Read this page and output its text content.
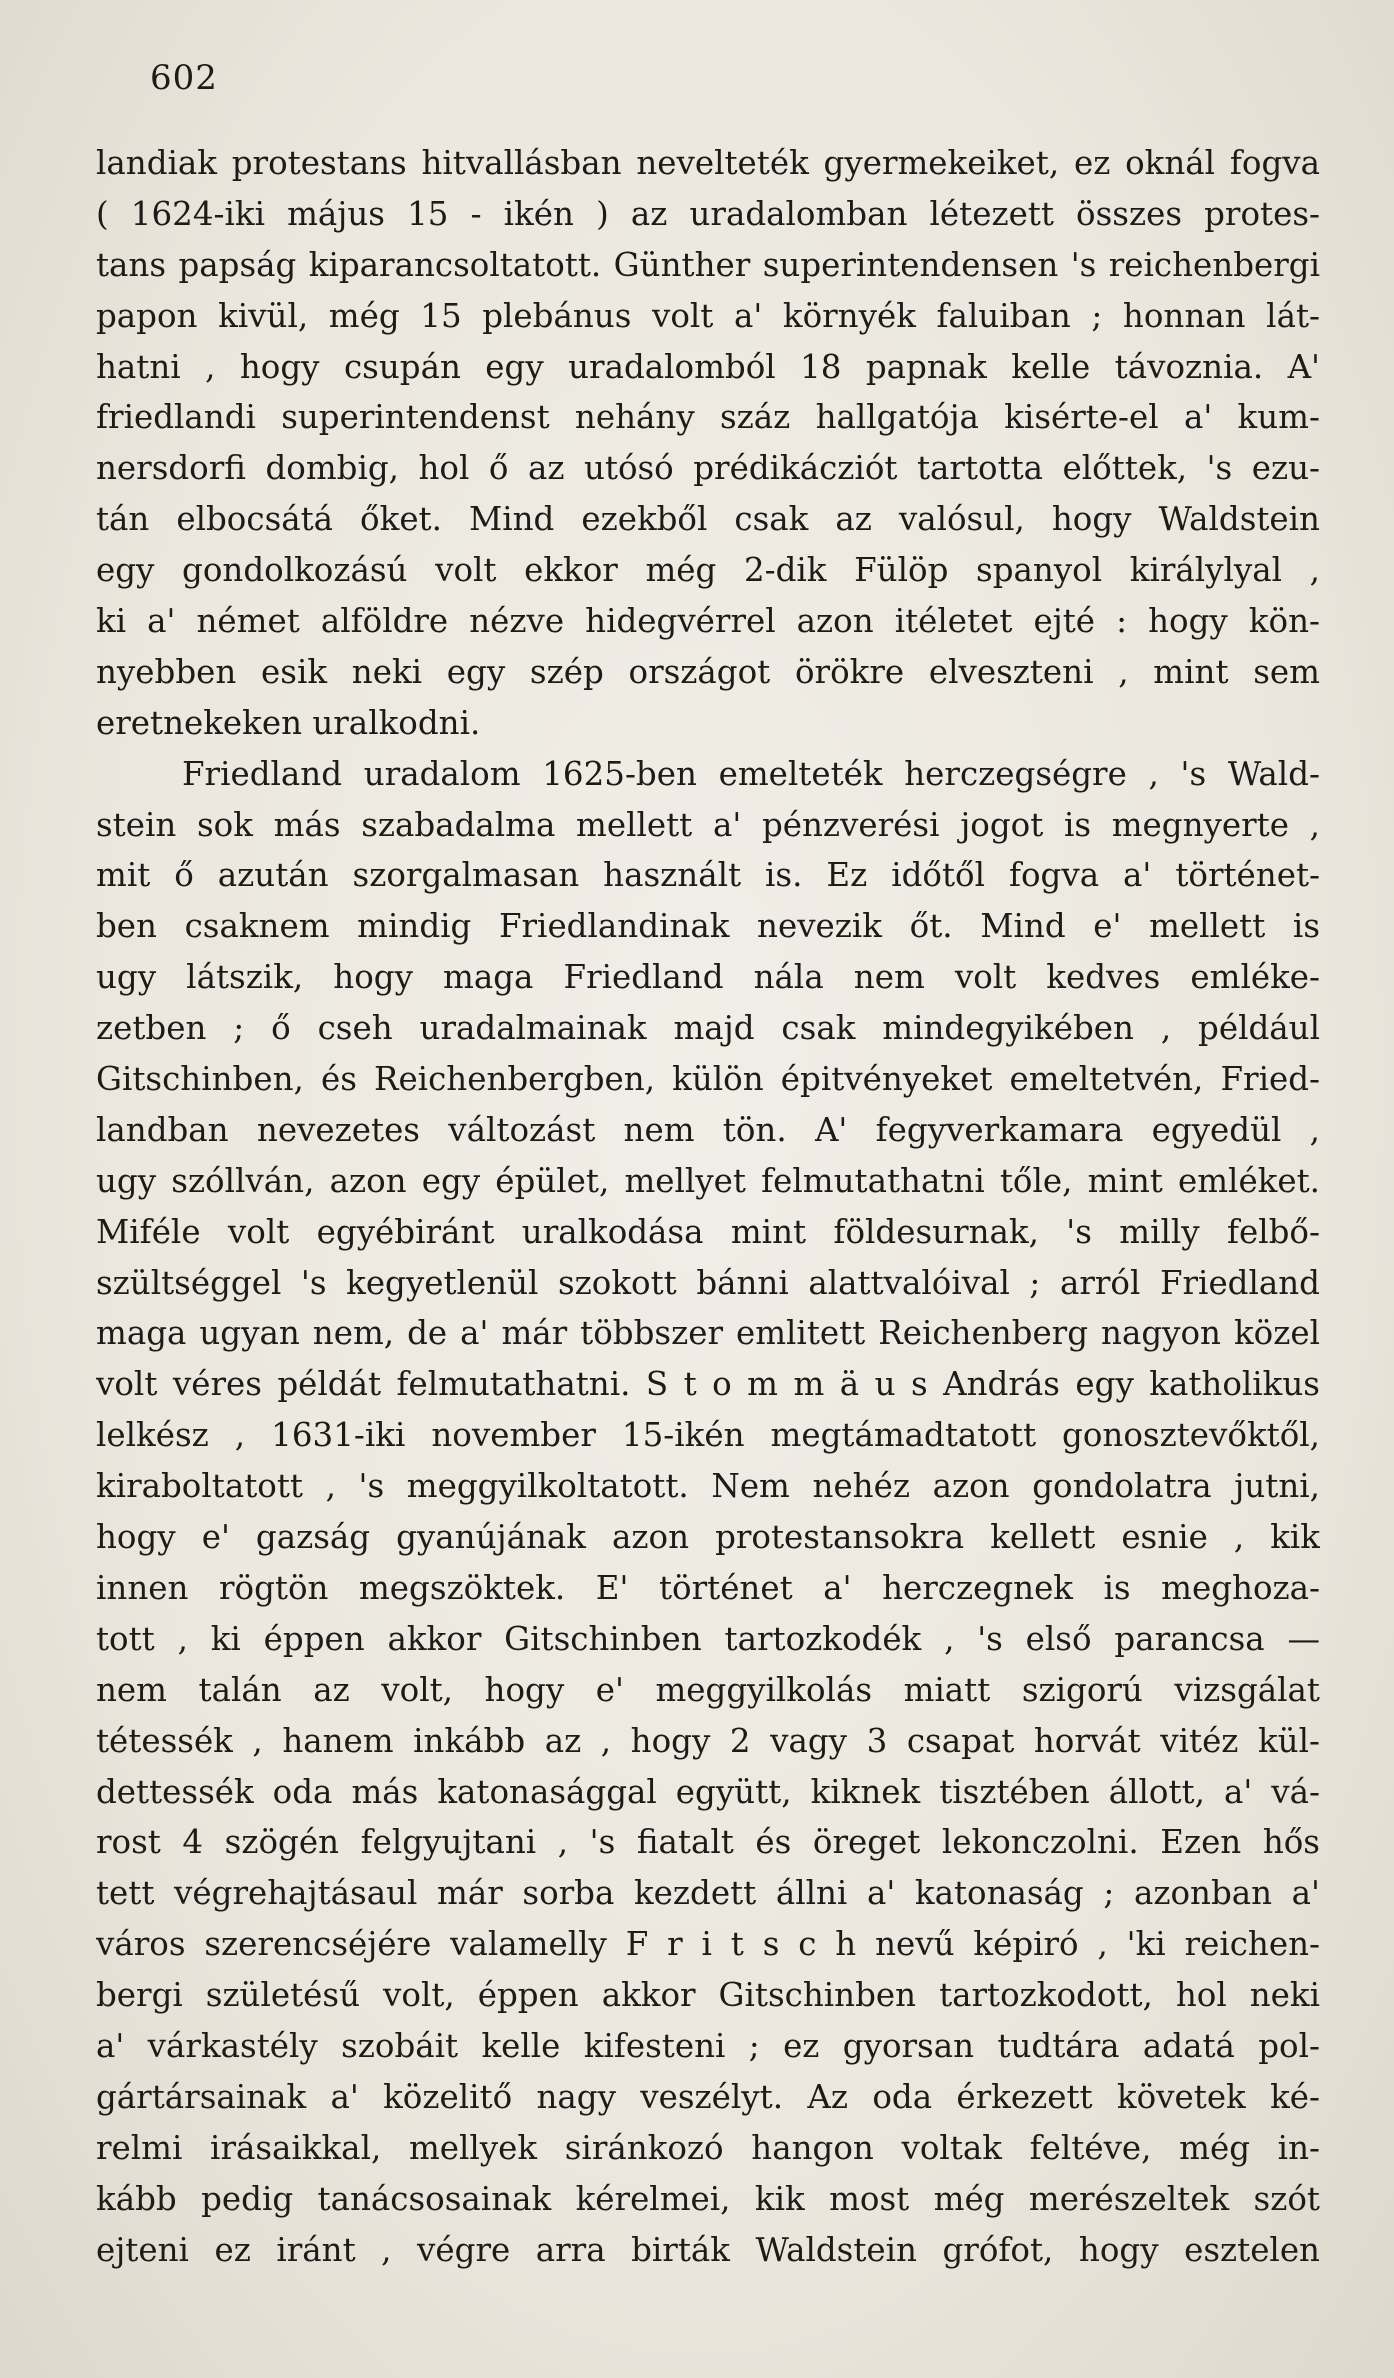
602
landiak protestans hitvallásban nevelteték gyermekeiket, ez oknál fogva
( 1624-iki május 15 - ikén ) az uradalomban létezett összes protes-
tans papság kiparancsoltatott. Günther superintendensen 's reichenbergi
papon kivül, még 15 plebánus volt a' környék faluiban ; honnan lát-
hatni , hogy csupán egy uradalomból 18 papnak kelle távoznia. A'
friedlandi superintendenst nehány száz hallgatója kisérte-el a' kum-
nersdorfi dombig, hol ő az utósó prédikácziót tartotta előttek, 's ezu-
tán elbocsátá őket. Mind ezekből csak az valósul, hogy Waldstein
egy gondolkozású volt ekkor még 2-dik Fülöp spanyol királylyal ,
ki a' német alföldre nézve hidegvérrel azon itéletet ejté : hogy kön-
nyebben esik neki egy szép országot örökre elveszteni , mint sem
eretnekeken uralkodni.
Friedland uradalom 1625-ben emelteték herczegségre , 's Wald-
stein sok más szabadalma mellett a' pénzverési jogot is megnyerte ,
mit ő azután szorgalmasan használt is. Ez időtől fogva a' történet-
ben csaknem mindig Friedlandinak nevezik őt. Mind e' mellett is
ugy látszik, hogy maga Friedland nála nem volt kedves emléke-
zetben ; ő cseh uradalmainak majd csak mindegyikében , például
Gitschinben, és Reichenbergben, külön épitvényeket emeltetvén, Fried-
landban nevezetes változást nem tön. A' fegyverkamara egyedül ,
ugy szóllván, azon egy épület, mellyet felmutathatni tőle, mint emléket.
Miféle volt egyébiránt uralkodása mint földesurnak, 's milly felbő-
szültséggel 's kegyetlenül szokott bánni alattvalóival ; arról Friedland
maga ugyan nem, de a' már többszer emlitett Reichenberg nagyon közel
volt véres példát felmutathatni. S t o m m ä u s András egy katholikus
lelkész , 1631-iki november 15-ikén megtámadtatott gonosztevőktől,
kiraboltatott , 's meggyilkoltatott. Nem nehéz azon gondolatra jutni,
hogy e' gazság gyanújának azon protestansokra kellett esnie , kik
innen rögtön megszöktek. E' történet a' herczegnek is meghoza-
tott , ki éppen akkor Gitschinben tartozkodék , 's első parancsa —
nem talán az volt, hogy e' meggyilkolás miatt szigorú vizsgálat
tétessék , hanem inkább az , hogy 2 vagy 3 csapat horvát vitéz kül-
dettessék oda más katonasággal együtt, kiknek tisztében állott, a' vá-
rost 4 szögén felgyujtani , 's fiatalt és öreget lekonczolni. Ezen hős
tett végrehajtásaul már sorba kezdett állni a' katonaság ; azonban a'
város szerencséjére valamelly F r i t s c h nevű képiró , 'ki reichen-
bergi születésű volt, éppen akkor Gitschinben tartozkodott, hol neki
a' várkastély szobáit kelle kifesteni ; ez gyorsan tudtára adatá pol-
gártársainak a' közelitő nagy veszélyt. Az oda érkezett követek ké-
relmi irásaikkal, mellyek siránkozó hangon voltak feltéve, még in-
kább pedig tanácsosainak kérelmei, kik most még merészeltek szót
ejteni ez iránt , végre arra birták Waldstein grófot, hogy esztelen
